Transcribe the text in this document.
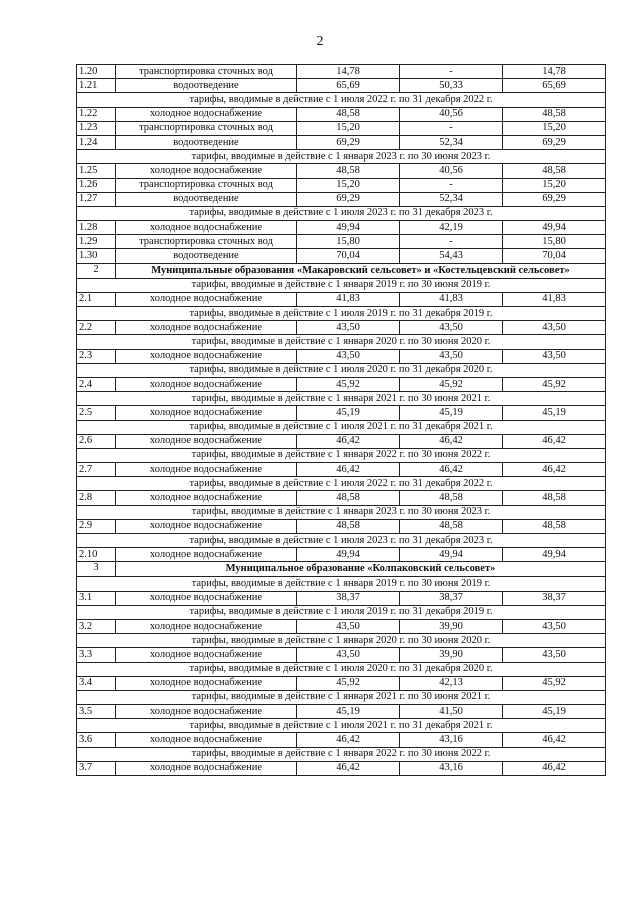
2
1.20	транспортировка сточных вод	14,78	-	14,78
1.21	водоотведение	65,69	50,33	65,69
тарифы, вводимые в действие с 1 июля 2022 г. по 31 декабря 2022 г.				
1.22	холодное водоснабжение	48,58	40,56	48,58
1.23	транспортировка сточных вод	15,20	-	15,20
1.24	водоотведение	69,29	52,34	69,29
тарифы, вводимые в действие с 1 января 2023 г. по 30 июня 2023 г.				
1.25	холодное водоснабжение	48,58	40,56	48,58
1.26	транспортировка сточных вод	15,20	-	15,20
1.27	водоотведение	69,29	52,34	69,29
тарифы, вводимые в действие с 1 июля 2023 г. по 31 декабря 2023 г.				
1.28	холодное водоснабжение	49,94	42,19	49,94
1.29	транспортировка сточных вод	15,80	-	15,80
1.30	водоотведение	70,04	54,43	70,04
2	Муниципальные образования «Макаровский сельсовет» и «Костельцевский сельсовет»			
тарифы, вводимые в действие с 1 января 2019 г. по 30 июня 2019 г.				
2.1	холодное водоснабжение	41,83	41,83	41,83
тарифы, вводимые в действие с 1 июля 2019 г. по 31 декабря 2019 г.				
2.2	холодное водоснабжение	43,50	43,50	43,50
тарифы, вводимые в действие с 1 января 2020 г. по 30 июня 2020 г.				
2.3	холодное водоснабжение	43,50	43,50	43,50
тарифы, вводимые в действие с 1 июля 2020 г. по 31 декабря 2020 г.				
2.4	холодное водоснабжение	45,92	45,92	45,92
тарифы, вводимые в действие с 1 января 2021 г. по 30 июня 2021 г.				
2.5	холодное водоснабжение	45,19	45,19	45,19
тарифы, вводимые в действие с 1 июля 2021 г. по 31 декабря 2021 г.				
2.6	холодное водоснабжение	46,42	46,42	46,42
тарифы, вводимые в действие с 1 января 2022 г. по 30 июня 2022 г.				
2.7	холодное водоснабжение	46,42	46,42	46,42
тарифы, вводимые в действие с 1 июля 2022 г. по 31 декабря 2022 г.				
2.8	холодное водоснабжение	48,58	48,58	48,58
тарифы, вводимые в действие с 1 января 2023 г. по 30 июня 2023 г.				
2.9	холодное водоснабжение	48,58	48,58	48,58
тарифы, вводимые в действие с 1 июля 2023 г. по 31 декабря 2023 г.				
2.10	холодное водоснабжение	49,94	49,94	49,94
3	Муниципальное образование «Колпаковский сельсовет»			
тарифы, вводимые в действие с 1 января 2019 г. по 30 июня 2019 г.				
3.1	холодное водоснабжение	38,37	38,37	38,37
тарифы, вводимые в действие с 1 июля 2019 г. по 31 декабря 2019 г.				
3.2	холодное водоснабжение	43,50	39,90	43,50
тарифы, вводимые в действие с 1 января 2020 г. по 30 июня 2020 г.				
3.3	холодное водоснабжение	43,50	39,90	43,50
тарифы, вводимые в действие с 1 июля 2020 г. по 31 декабря 2020 г.				
3.4	холодное водоснабжение	45,92	42,13	45,92
тарифы, вводимые в действие с 1 января 2021 г. по 30 июня 2021 г.				
3.5	холодное водоснабжение	45,19	41,50	45,19
тарифы, вводимые в действие с 1 июля 2021 г. по 31 декабря 2021 г.				
3.6	холодное водоснабжение	46,42	43,16	46,42
тарифы, вводимые в действие с 1 января 2022 г. по 30 июня 2022 г.				
3.7	холодное водоснабжение	46,42	43,16	46,42
